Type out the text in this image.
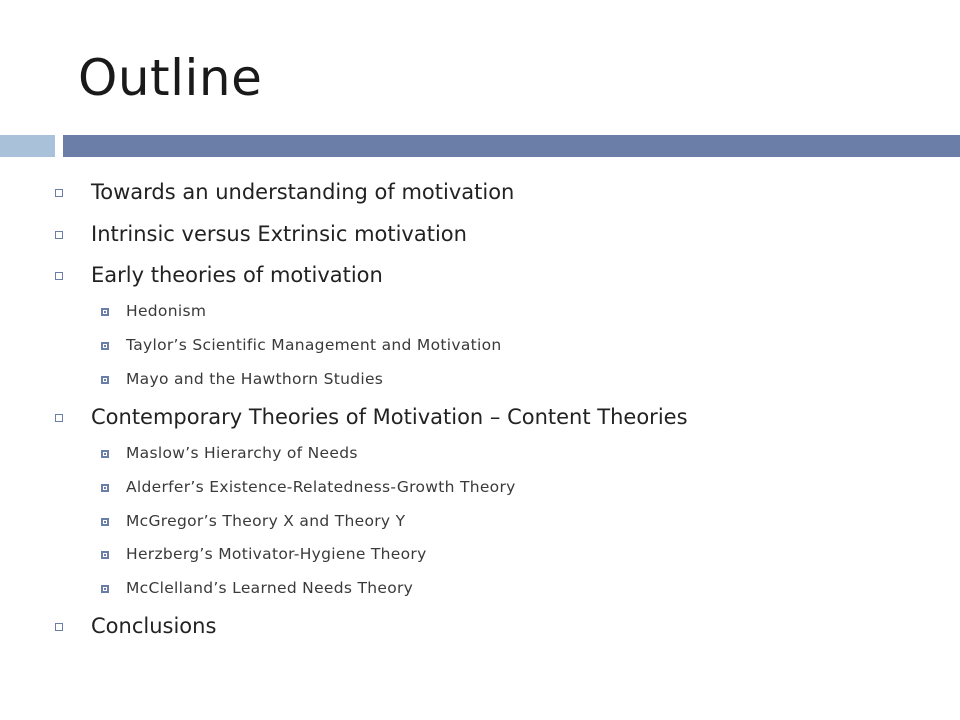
Outline
Towards an understanding of motivation
Intrinsic versus Extrinsic motivation
Early theories of motivation
Hedonism
Taylor’s Scientific Management and Motivation
Mayo and the Hawthorn Studies
Contemporary Theories of Motivation – Content Theories
Maslow’s Hierarchy of Needs
Alderfer’s Existence-Relatedness-Growth Theory
McGregor’s Theory X and Theory Y
Herzberg’s Motivator-Hygiene Theory
McClelland’s Learned Needs Theory
Conclusions
